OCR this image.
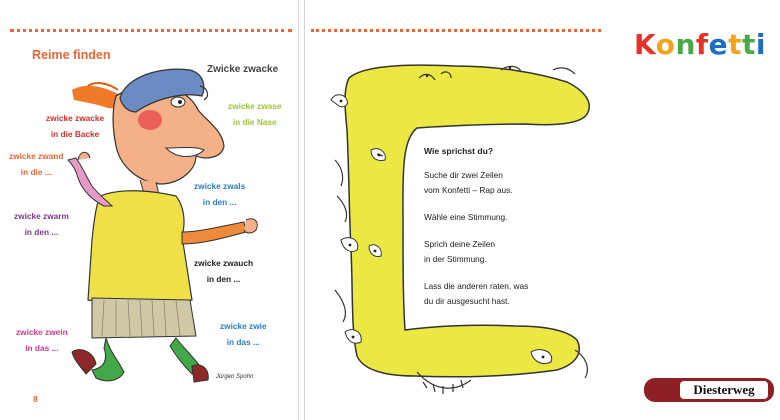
Reime finden
Zwicke zwacke
zwicke zwacke
in die Backe
zwicke zwase
in die Nase
zwicke zwand
in die ...
zwicke zwals
in den ...
zwicke zwarm
in den ...
zwicke zwauch
in den ...
zwicke zwein
in das ...
zwicke zwie
in das ...
Jürgen Spohn
8
Wie sprichst du?

Suche dir zwei Zeilen
vom Konfetti – Rap aus.

Wähle eine Stimmung.

Sprich deine Zeilen
in der Stimmung.

Lass die anderen raten, was
du dir ausgesucht hast.

Konfetti
Diesterweg
